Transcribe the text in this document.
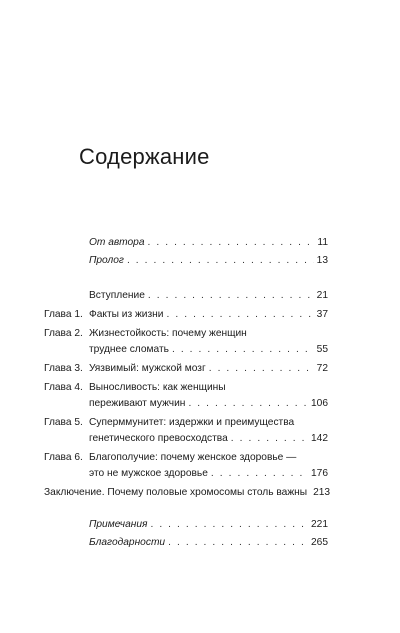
Содержание
От автора . . .	11
Пролог . . .	13
Вступление . . .	21
Глава 1. Факты из жизни . . .	37
Глава 2. Жизнестойкость: почему женщин
труднее сломать . . .	55
Глава 3. Уязвимый: мужской мозг . . .	72
Глава 4. Выносливость: как женщины
переживают мужчин . . .	106
Глава 5. Суперммунитет: издержки и преимущества
генетического превосходства . . .	142
Глава 6. Благополучие: почему женское здоровье —
это не мужское здоровье . . .	176
Заключение. Почему половые хромосомы столь важны 213
Примечания . . .	221
Благодарности . . .	265
